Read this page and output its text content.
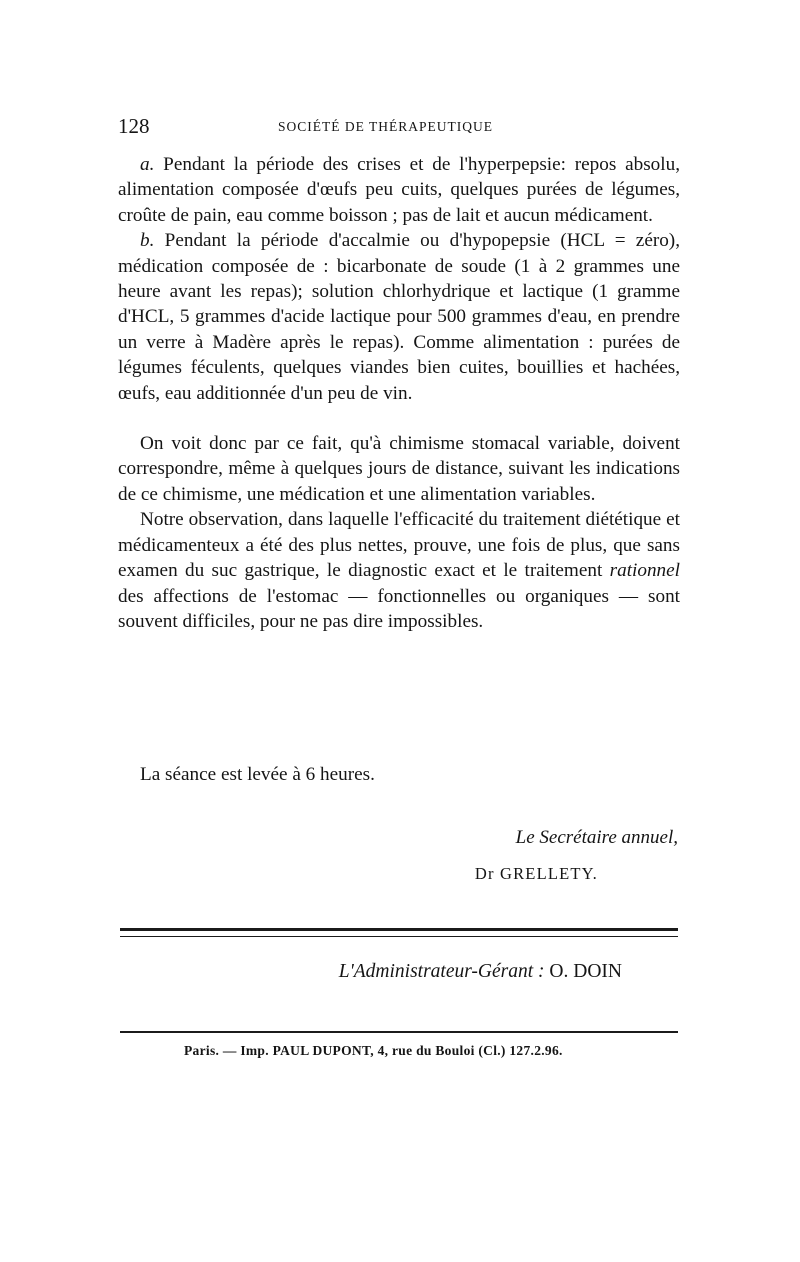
128	SOCIÉTÉ DE THÉRAPEUTIQUE

a. Pendant la période des crises et de l'hyperpepsie: repos absolu, alimentation composée d'œufs peu cuits, quelques purées de légumes, croûte de pain, eau comme boisson ; pas de lait et aucun médicament.

b. Pendant la période d'accalmie ou d'hypopepsie (HCL = zéro), médication composée de : bicarbonate de soude (1 à 2 grammes une heure avant les repas); solution chlorhydrique et lactique (1 gramme d'HCL, 5 grammes d'acide lactique pour 500 grammes d'eau, en prendre un verre à Madère après le repas). Comme alimentation : purées de légumes féculents, quelques viandes bien cuites, bouillies et hachées, œufs, eau additionnée d'un peu de vin.

On voit donc par ce fait, qu'à chimisme stomacal variable, doivent correspondre, même à quelques jours de distance, suivant les indications de ce chimisme, une médication et une alimentation variables.

Notre observation, dans laquelle l'efficacité du traitement diététique et médicamenteux a été des plus nettes, prouve, une fois de plus, que sans examen du suc gastrique, le diagnostic exact et le traitement rationnel des affections de l'estomac — fonctionnelles ou organiques — sont souvent difficiles, pour ne pas dire impossibles.

La séance est levée à 6 heures.
Le Secrétaire annuel,
Dr GRELLETY.
L'Administrateur-Gérant : O. DOIN
Paris. — Imp. PAUL DUPONT, 4, rue du Bouloi (Cl.) 127.2.96.
